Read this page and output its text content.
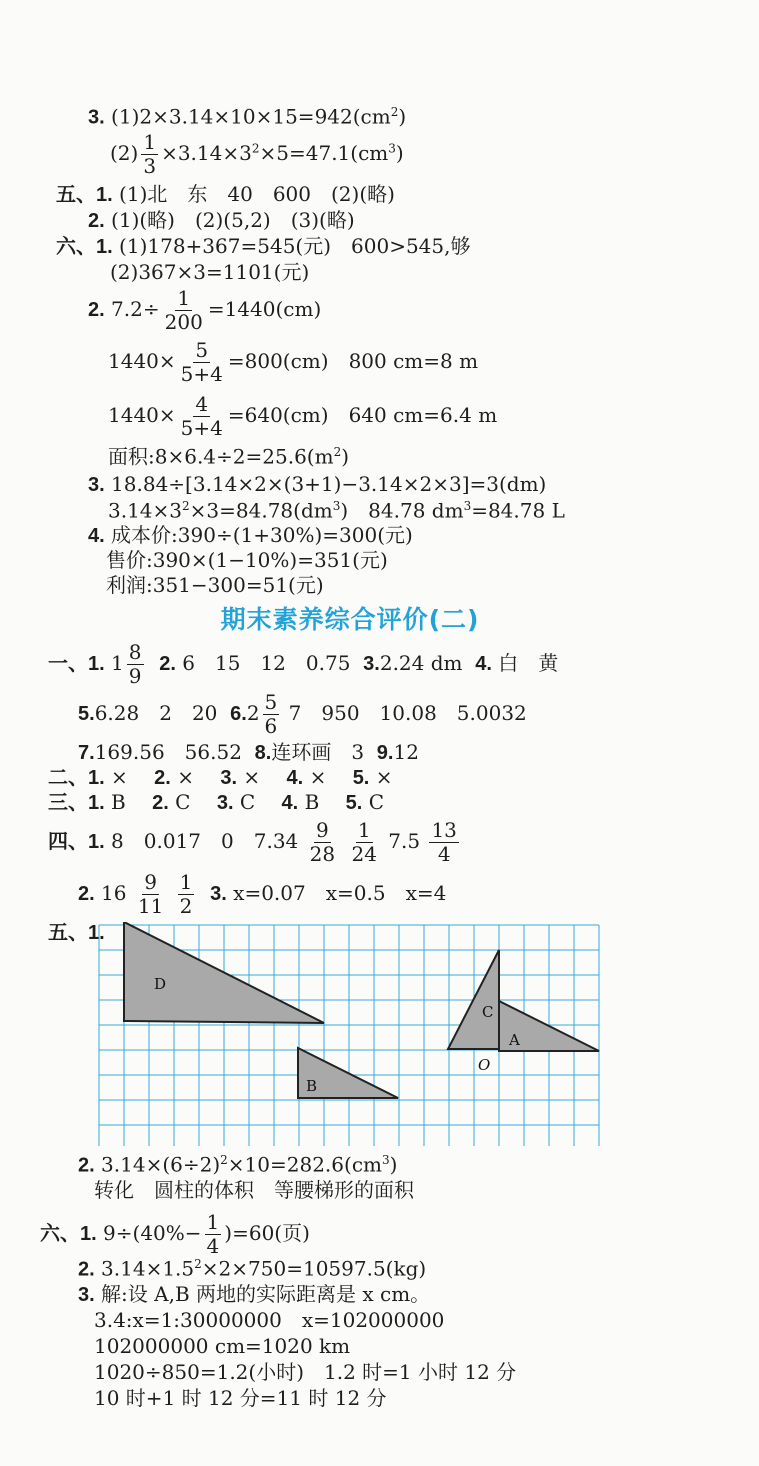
3. $(1)2\times 3.14\times 10\times 15=942(cm^2)$
$(2) \frac{1}{3} \times 3.14\times 3^2\times 5=47.1(cm^3)$
五、1. (1)北　东　40　600　(2)(略)
2. (1)(略)　(2)(5,2)　(3)(略)
六、1. (1)178+367=545(元)　600>545,够
(2)367×3=1101(元)
2. $7.2\div \frac{1}{200} =1440(cm)$
$1440\times \frac{5}{5+4} =800(cm)$　800 cm=8 m
$1440\times \frac{4}{5+4} =640(cm)$　640 cm=6.4 m
面积$:8\times 6.4\div 2=25.6(m^2)$
3. 18.84÷[3.14×2×(3+1)−3.14×2×3]=3(dm)
$3.14\times 3^2\times 3=84.78(dm^3)$　84.78 $dm^3=84.78$ L
4. 成本价:390÷(1+30%)=300(元)
售价:390×(1−10%)=351(元)
利润:351−300=51(元)
期末素养综合评价(二)
一、1. $1 \frac{8}{9} 2$. 6　15　12　0.75 3.2.24 dm 4. 白　黄
5.6.28　2　20 $6.2 \frac{5}{6} 7$　950　10.08　5.0032
7.169.56　56.52 8.连环画　3 9.12
二、1. ×　 2. ×　 3. ×　 4. ×　 5. ×
三、1. B　 2. C　 3. C　 4. B　 5. C
四、1. 8　0.017　0　$7.34 \frac{9}{28}$
$\frac{1}{24} 7.5 \frac{13}{4}$
2. $16 \frac{9}{11}$
$\frac{1}{2} 3$. x=0.07　x=0.5　x=4
五、1.
D
C
A
B
O
2. $3.14\times(6\div 2)^2\times 10=282.6(cm^3)$
转化　圆柱的体积　等腰梯形的面积
六、1. $9\div(40\%- \frac{1}{4} )=60$(页)
2. $3.14\times 1.5^2\times 2\times 750=10597.5(kg)$
3. 解:设 A,B 两地的实际距离是 x cm。
3.4:x=1:30000000　x=102000000
102000000 cm=1020 km
1020÷850=1.2(小时)　1.2 时=1 小时 12 分
10 时+1 时 12 分=11 时 12 分
